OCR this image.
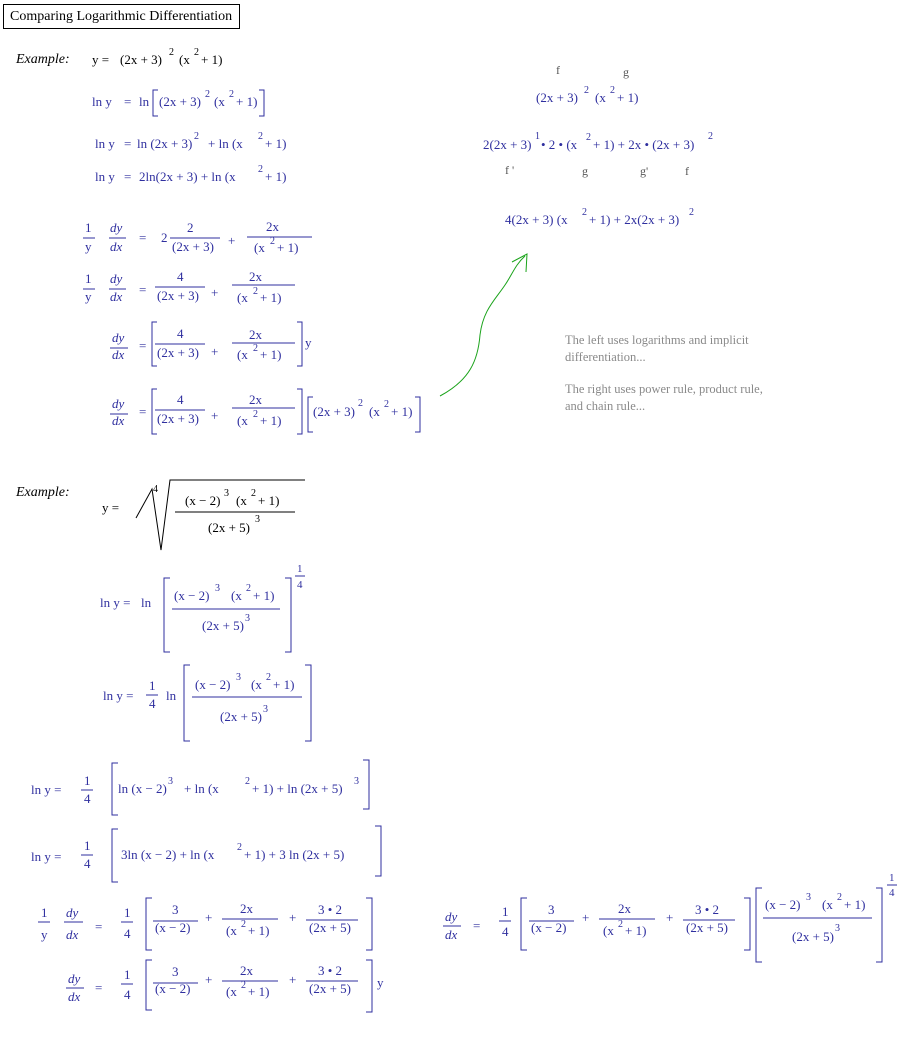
Comparing Logarithmic Differentiation
Example: y = (2x + 3) 2 (x 2 + 1)
ln y = ln (2x + 3) 2 (x 2 + 1)
ln y = ln (2x + 3) 2 + ln (x 2 + 1)
ln y = 2ln(2x + 3) + ln (x 2 + 1)
1
y
dy
dx
= 2
2
(2x + 3) +
2x
(x 2 + 1)
1
y
dy
dx =
4
(2x + 3) +
2x
(x 2 + 1)
dy
dx
=
4
(2x + 3) +
2x
(x 2 + 1)
y
dy
dx
=
4
(2x + 3) +
2x
(x 2 + 1)
(2x + 3)
2
(x 2 + 1)
f	g
(2x + 3) 2 (x 2 + 1)
2(2x + 3)
1
• 2 • (x 2 + 1) + 2x • (2x + 3)
2
f '	g	g'	f
4(2x + 3) (x 2 + 1) + 2x(2x + 3) 2
The left uses logarithms and implicit
differentiation...
The right uses power rule, product rule,
and chain rule...
Example:
y =
4
(x − 2) 3 (x 2 + 1)
(2x + 5)
3
ln y = ln (x − 2) 3 (x 2 + 1)
(2x + 5) 3
1
4
ln y =
1
4
ln
(x − 2) 3 (x 2 + 1)
(2x + 5) 3
ln y =
1
4
ln (x − 2) 3 + ln (x	2 + 1) + ln (2x + 5) 3
ln y =
1
4
3ln (x − 2) + ln (x 2 + 1) + 3 ln (2x + 5)
1
y
dy
dx
=
1
4
3
(x − 2)
+
2x
(x 2 + 1)
+
3 • 2
(2x + 5)
dy
dx
=
1
4
3
(x − 2)
+
2x
(x 2 + 1)
+
3 • 2
(2x + 5) y
dy
dx
=
1
4
3
(x − 2)
+
2x
(x 2 + 1)
+
3 • 2
(2x + 5)
(x − 2) 3 (x 2 + 1)
(2x + 5)
3
1
4
